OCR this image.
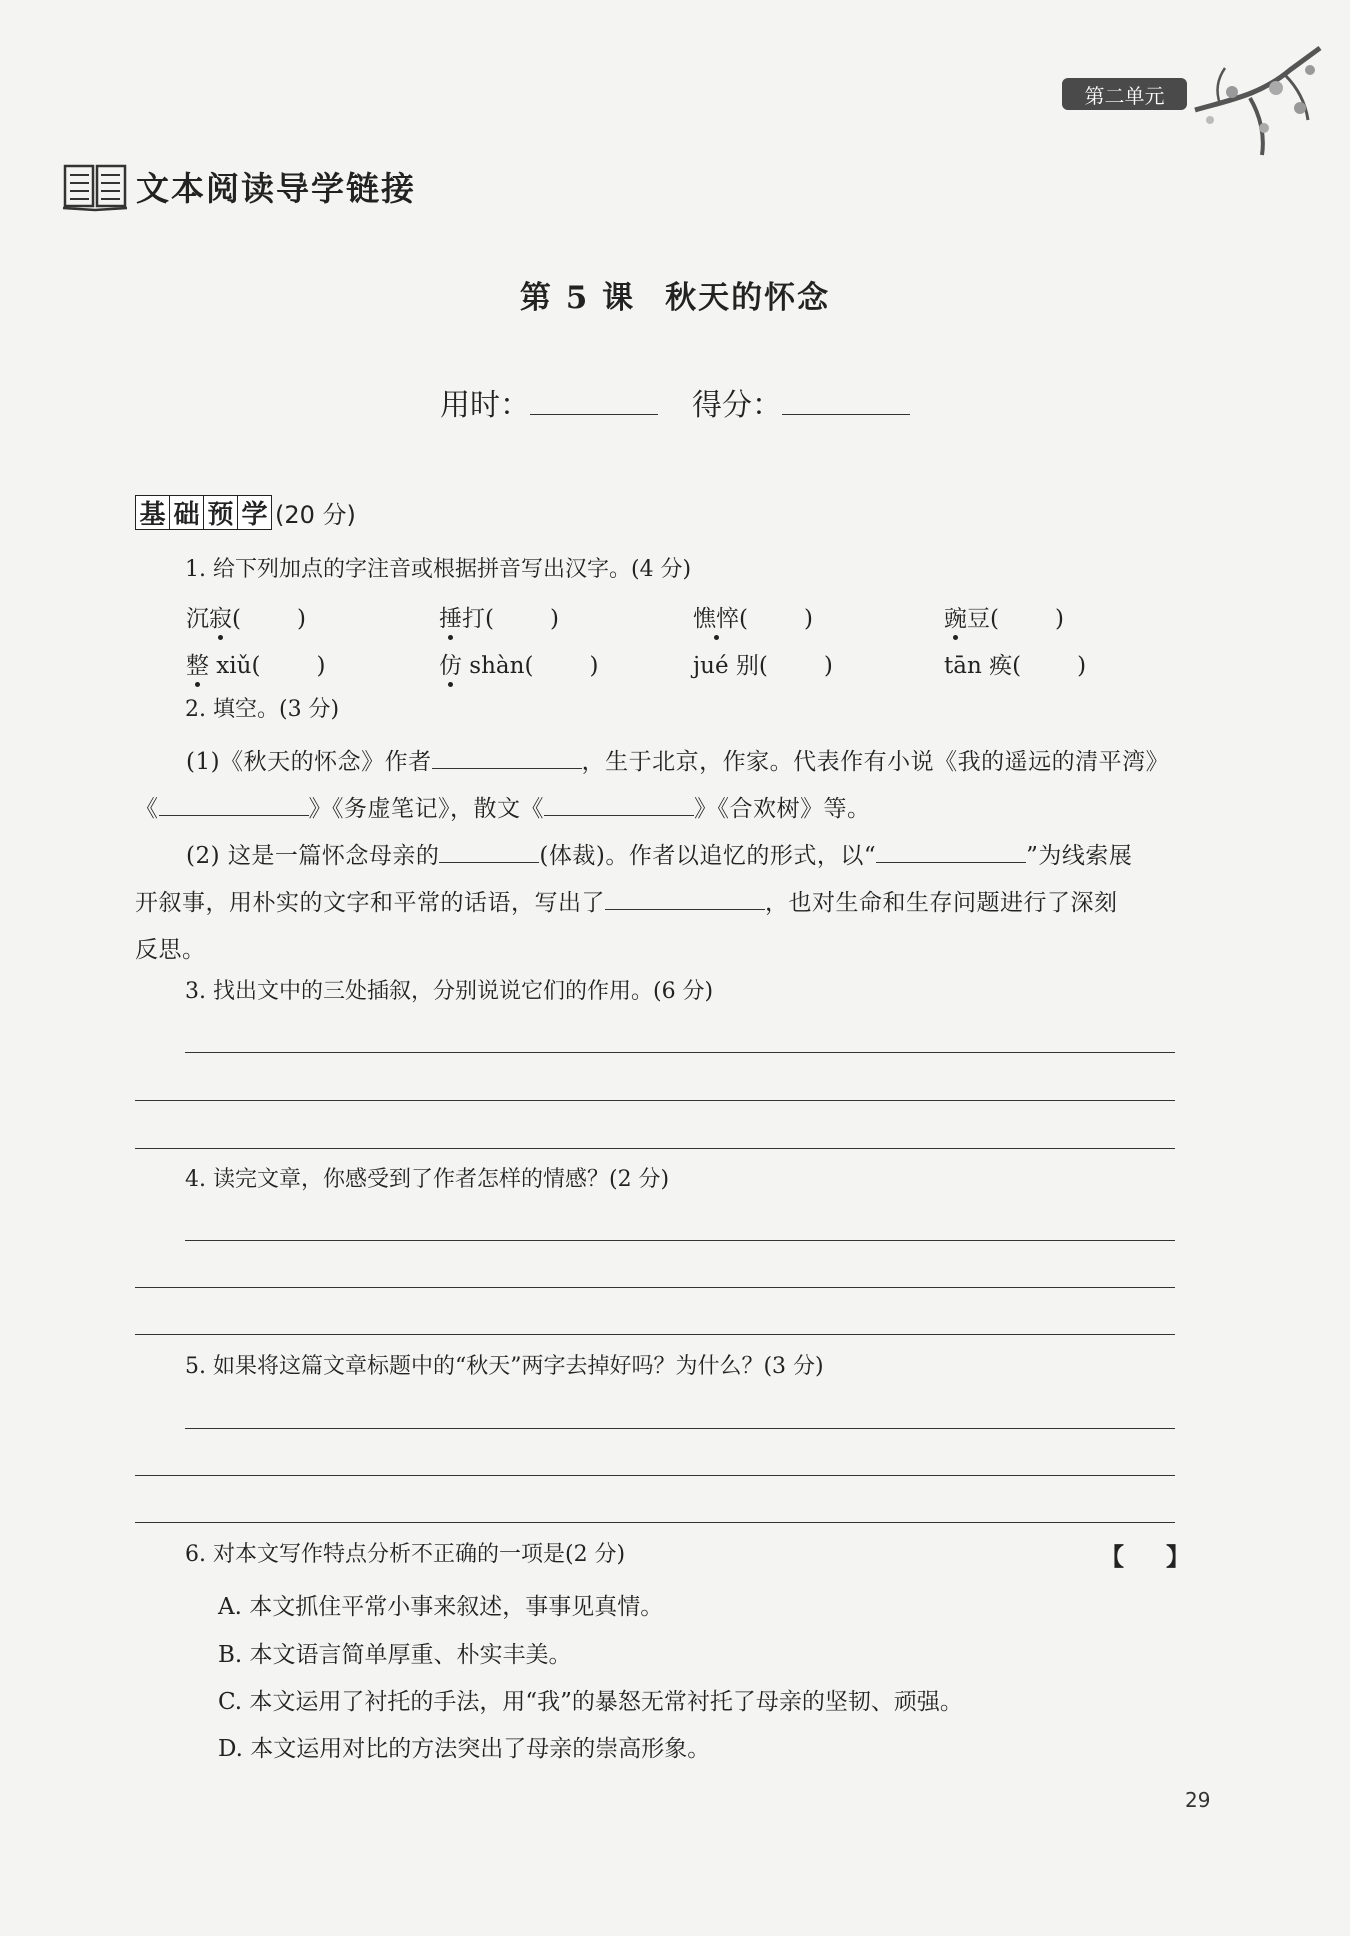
第二单元
文本阅读导学链接
第 5 课 秋天的怀念
用时：	得分：
基 础 预 学 (20 分)
1. 给下列加点的字注音或根据拼音写出汉字。(4 分)
沉寂( )	捶打( )	憔悴( )	豌豆( )
整 xiǔ( )	仿 shàn( )	jué 别( )	tān 痪( )
2. 填空。(3 分)
(1)《秋天的怀念》作者	，生于北京，作家。代表作有小说《我的遥远的清平湾》
《	》《务虚笔记》，散文《	》《合欢树》等。
(2) 这是一篇怀念母亲的	(体裁)。作者以追忆的形式，以“	”为线索展
开叙事，用朴实的文字和平常的话语，写出了	，也对生命和生存问题进行了深刻
反思。
3. 找出文中的三处插叙，分别说说它们的作用。(6 分)
4. 读完文章，你感受到了作者怎样的情感？(2 分)
5. 如果将这篇文章标题中的“秋天”两字去掉好吗？为什么？(3 分)
6. 对本文写作特点分析不正确的一项是(2 分)	【 】
A. 本文抓住平常小事来叙述，事事见真情。
B. 本文语言简单厚重、朴实丰美。
C. 本文运用了衬托的手法，用“我”的暴怒无常衬托了母亲的坚韧、顽强。
D. 本文运用对比的方法突出了母亲的崇高形象。
29
